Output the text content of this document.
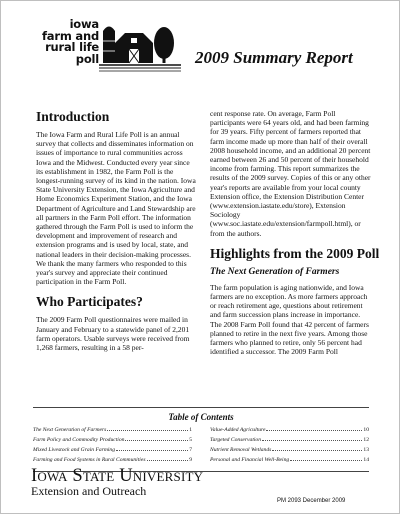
iowa
farm and
rural life
poll	2009 Summary Report
Introduction

The Iowa Farm and Rural Life Poll is an annual survey that collects and disseminates information on issues of importance to rural communities across Iowa and the Midwest. Conducted every year since its establishment in 1982, the Farm Poll is the longest-running survey of its kind in the nation. Iowa State University Extension, the Iowa Agriculture and Home Economics Experiment Station, and the Iowa Department of Agriculture and Land Stewardship are all partners in the Farm Poll effort. The information gathered through the Farm Poll is used to inform the development and improvement of research and extension programs and is used by local, state, and national leaders in their decision-making processes. We thank the many farmers who responded to this year's survey and appreciate their continued participation in the Farm Poll.

Who Participates?

The 2009 Farm Poll questionnaires were mailed in January and February to a statewide panel of 2,201 farm operators. Usable surveys were received from 1,268 farmers, resulting in a 58 per-

cent response rate. On average, Farm Poll participants were 64 years old, and had been farming for 39 years. Fifty percent of farmers reported that farm income made up more than half of their overall 2008 household income, and an additional 20 percent earned between 26 and 50 percent of their household income from farming. This report summarizes the results of the 2009 survey. Copies of this or any other year's reports are available from your local county Extension office, the Extension Distribution Center (www.extension.iastate.edu/store), Extension Sociology (www.soc.iastate.edu/extension/farmpoll.html), or from the authors.

Highlights from the 2009 Poll
The Next Generation of Farmers

The farm population is aging nationwide, and Iowa farmers are no exception. As more farmers approach or reach retirement age, questions about retirement and farm succession plans increase in importance. The 2008 Farm Poll found that 42 percent of farmers planned to retire in the next five years. Among those farmers who planned to retire, only 56 percent had identified a successor. The 2009 Farm Poll

Table of Contents
The Next Generation of Farmers	1
Farm Policy and Commodity Production	5
Mixed Livestock and Grain Farming	7
Farming and Food Systems in Rural Communities	9
Value-Added Agriculture	10
Targeted Conservation	12
Nutrient Removal Wetlands	13
Personal and Financial Well-Being	14
Iowa State University
Extension and Outreach
PM 2093 December 2009
